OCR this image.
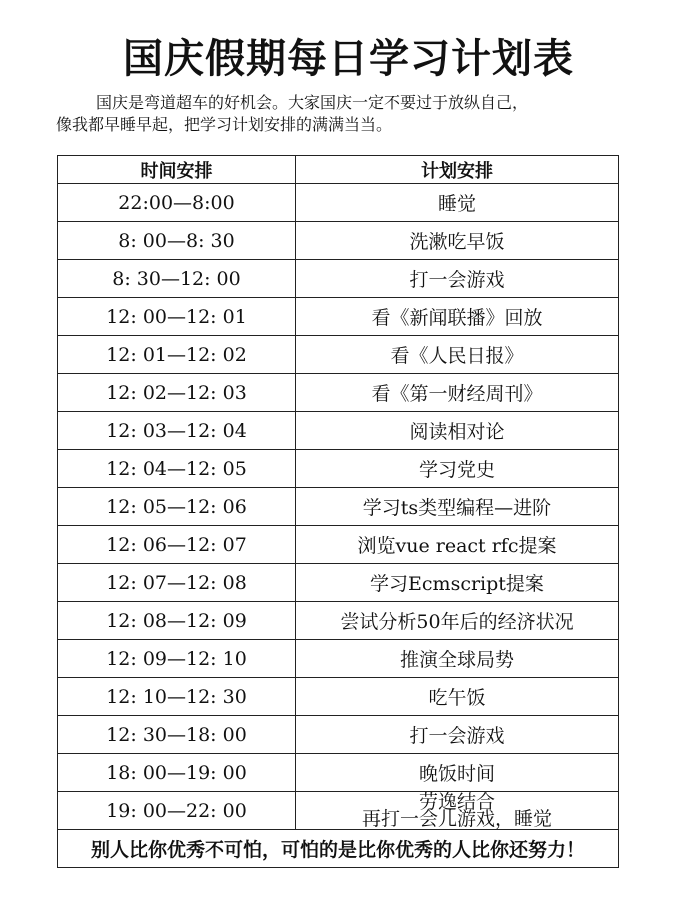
国庆假期每日学习计划表
国庆是弯道超车的好机会。大家国庆一定不要过于放纵自己，
像我都早睡早起，把学习计划安排的满满当当。
时间安排	计划安排
22:00—8:00	睡觉
8: 00—8: 30	洗漱吃早饭
8: 30—12: 00	打一会游戏
12: 00—12: 01	看《新闻联播》回放
12: 01—12: 02	看《人民日报》
12: 02—12: 03	看《第一财经周刊》
12: 03—12: 04	阅读相对论
12: 04—12: 05	学习党史
12: 05—12: 06	学习ts类型编程—进阶
12: 06—12: 07	浏览vue react rfc提案
12: 07—12: 08	学习Ecmscript提案
12: 08—12: 09	尝试分析50年后的经济状况
12: 09—12: 10	推演全球局势
12: 10—12: 30	吃午饭
12: 30—18: 00	打一会游戏
18: 00—19: 00	晚饭时间
19: 00—22: 00	劳逸结合
再打一会儿游戏，睡觉

别人比你优秀不可怕，可怕的是比你优秀的人比你还努力！	
